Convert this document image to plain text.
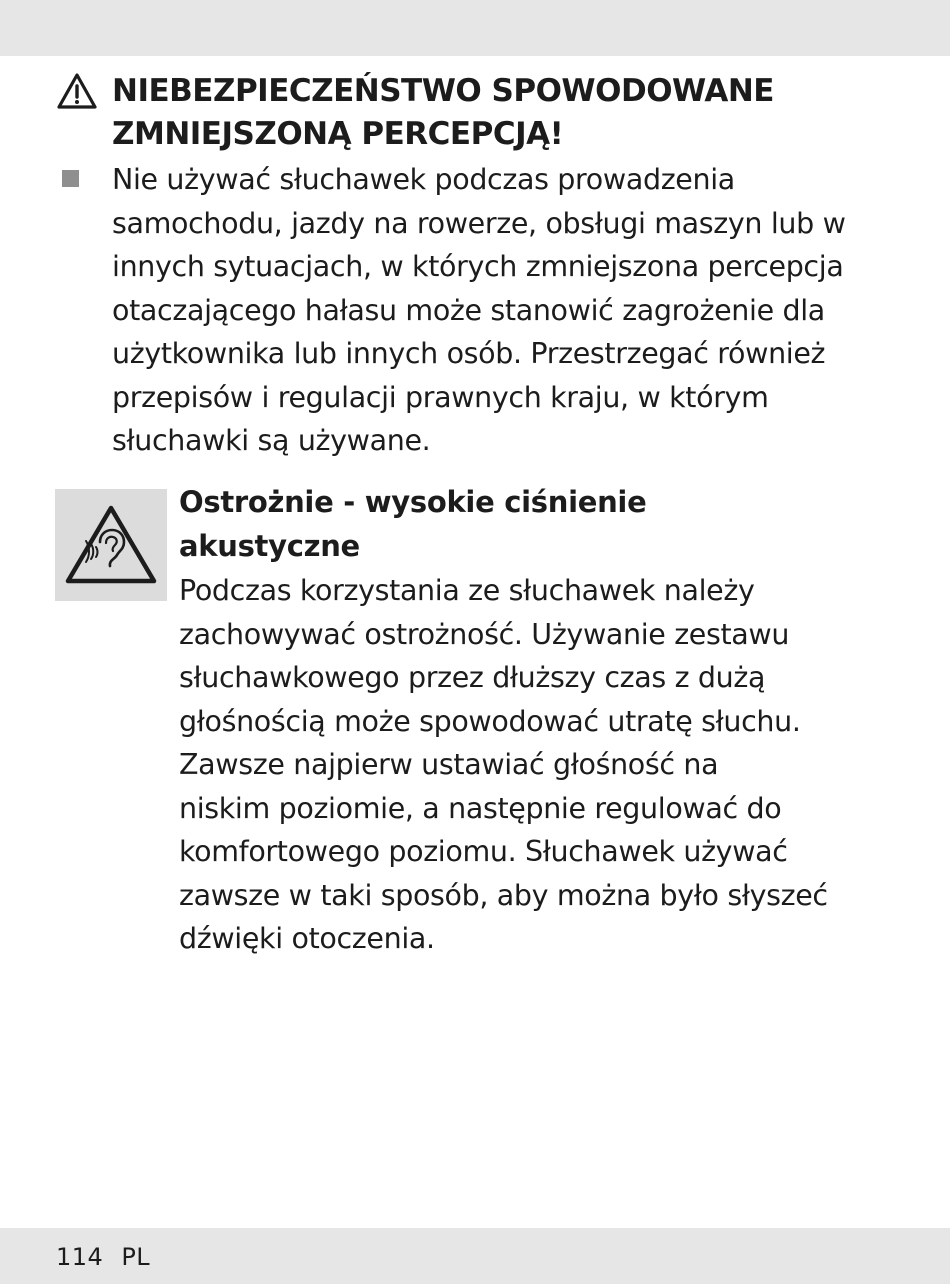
NIEBEZPIECZEŃSTWO SPOWODOWANE
ZMNIEJSZONĄ PERCEPCJĄ!

Nie używać słuchawek podczas prowadzenia
samochodu, jazdy na rowerze, obsługi maszyn lub w
innych sytuacjach, w których zmniejszona percepcja
otaczającego hałasu może stanowić zagrożenie dla
użytkownika lub innych osób. Przestrzegać również
przepisów i regulacji prawnych kraju, w którym
słuchawki są używane.

Ostrożnie - wysokie ciśnienie
akustyczne

Podczas korzystania ze słuchawek należy
zachowywać ostrożność. Używanie zestawu
słuchawkowego przez dłuższy czas z dużą
głośnością może spowodować utratę słuchu.
Zawsze najpierw ustawiać głośność na
niskim poziomie, a następnie regulować do
komfortowego poziomu. Słuchawek używać
zawsze w taki sposób, aby można było słyszeć
dźwięki otoczenia.

114 PL
